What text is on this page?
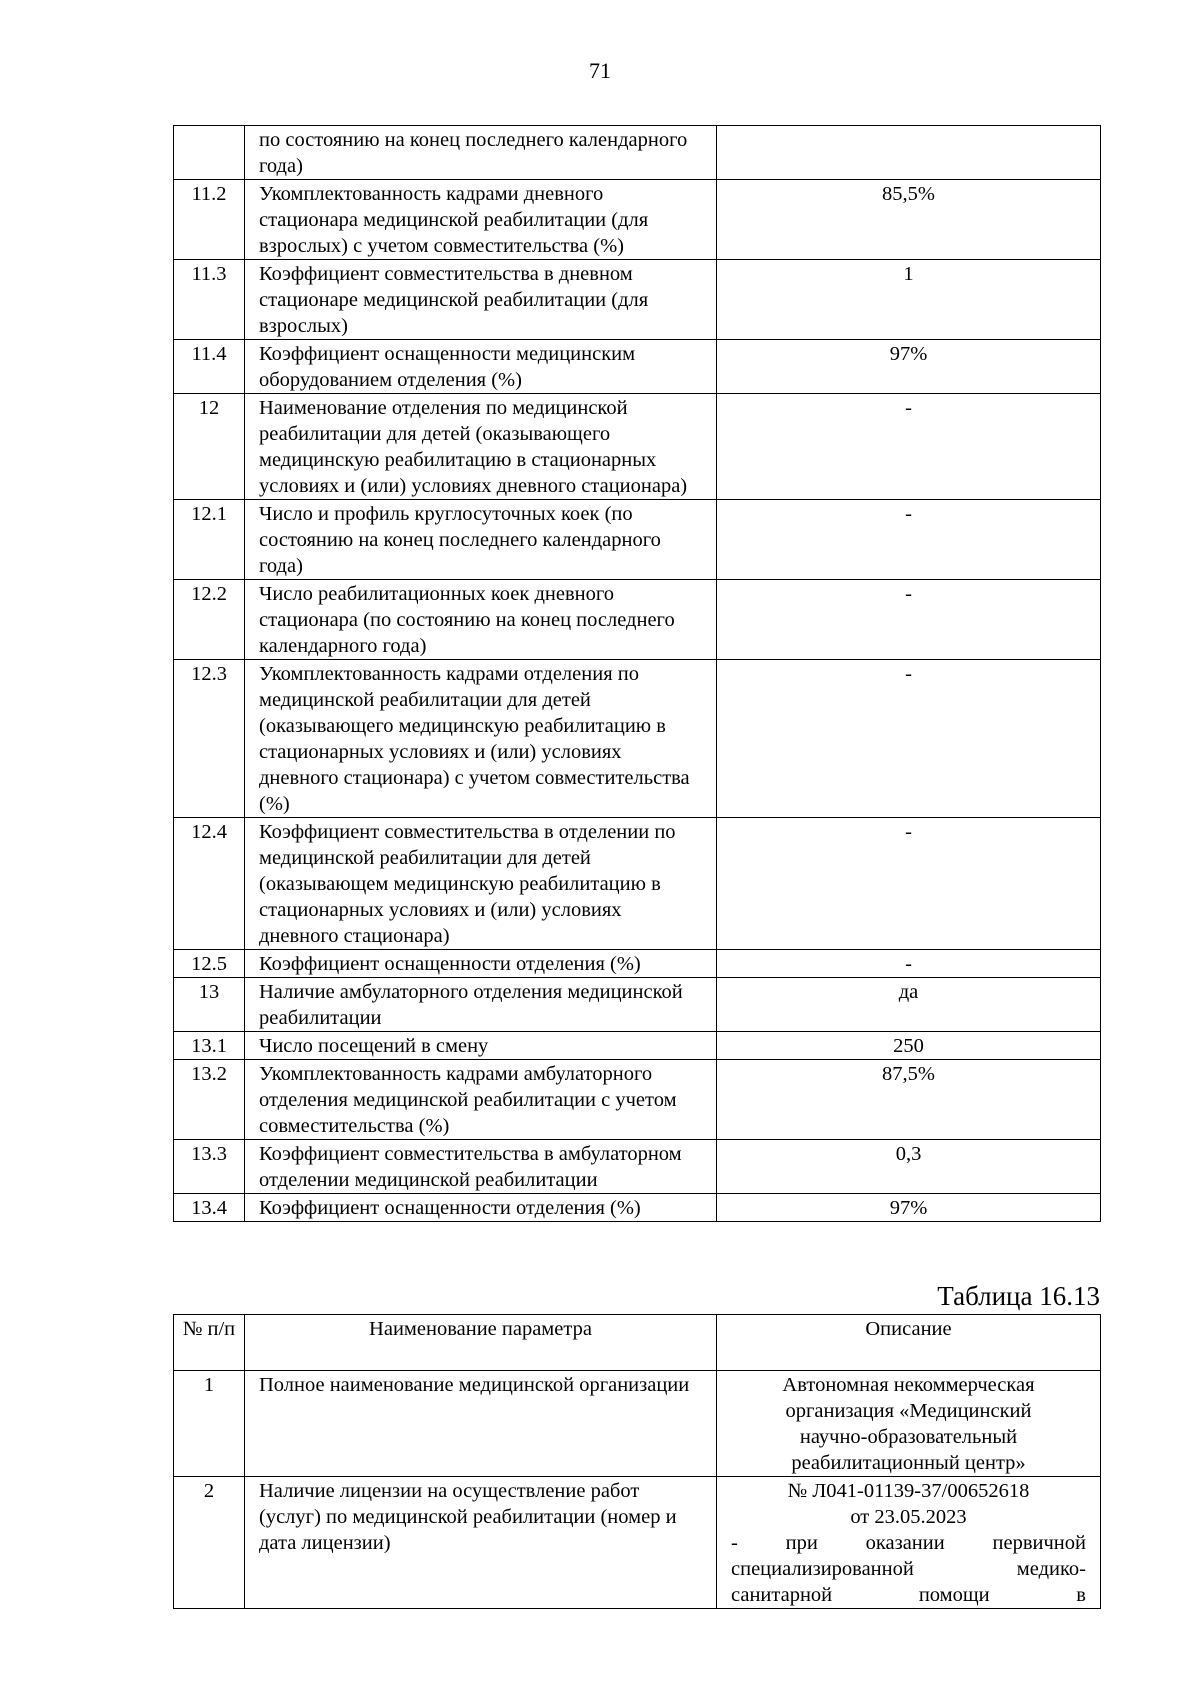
71
	по состоянию на конец последнего календарного года)	
11.2	Укомплектованность кадрами дневного стационара медицинской реабилитации (для взрослых) с учетом совместительства (%)	85,5%
11.3	Коэффициент совместительства в дневном стационаре медицинской реабилитации (для взрослых)	1
11.4	Коэффициент оснащенности медицинским оборудованием отделения (%)	97%
12	Наименование отделения по медицинской реабилитации для детей (оказывающего медицинскую реабилитацию в стационарных условиях и (или) условиях дневного стационара)	-
12.1	Число и профиль круглосуточных коек (по состоянию на конец последнего календарного года)	-
12.2	Число реабилитационных коек дневного стационара (по состоянию на конец последнего календарного года)	-
12.3	Укомплектованность кадрами отделения по медицинской реабилитации для детей (оказывающего медицинскую реабилитацию в стационарных условиях и (или) условиях дневного стационара) с учетом совместительства (%)	-
12.4	Коэффициент совместительства в отделении по медицинской реабилитации для детей (оказывающем медицинскую реабилитацию в стационарных условиях и (или) условиях дневного стационара)	-
12.5	Коэффициент оснащенности отделения (%)	-
13	Наличие амбулаторного отделения медицинской реабилитации	да
13.1	Число посещений в смену	250
13.2	Укомплектованность кадрами амбулаторного отделения медицинской реабилитации с учетом совместительства (%)	87,5%
13.3	Коэффициент совместительства в амбулаторном отделении медицинской реабилитации	0,3
13.4	Коэффициент оснащенности отделения (%)	97%
Таблица 16.13
№ п/п	Наименование параметра	Описание
1	Полное наименование медицинской организации	Автономная некоммерческая организация «Медицинский научно-образовательный реабилитационный центр»
2	Наличие лицензии на осуществление работ (услуг) по медицинской реабилитации (номер и дата лицензии)	№ Л041-01139-37/00652618
от 23.05.2023
- при оказании первичной
специализированной медико-
санитарной помощи в
